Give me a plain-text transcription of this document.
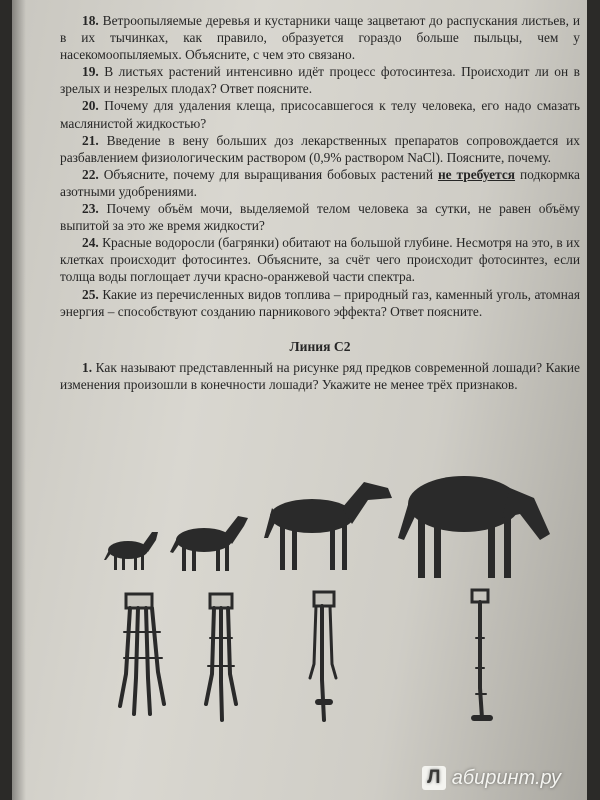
18. Ветроопыляемые деревья и кустарники чаще зацветают до распускания листьев, и в их тычинках, как правило, образуется гораздо больше пыльцы, чем у насекомоопыляемых. Объясните, с чем это связано.

19. В листьях растений интенсивно идёт процесс фотосинтеза. Происходит ли он в зрелых и незрелых плодах? Ответ поясните.

20. Почему для удаления клеща, присосавшегося к телу человека, его надо смазать маслянистой жидкостью?

21. Введение в вену больших доз лекарственных препаратов сопровождается их разбавлением физиологическим раствором (0,9% раствором NaCl). Поясните, почему.

22. Объясните, почему для выращивания бобовых растений не требуется подкормка азотными удобрениями.

23. Почему объём мочи, выделяемой телом человека за сутки, не равен объёму выпитой за это же время жидкости?

24. Красные водоросли (багрянки) обитают на большой глубине. Несмотря на это, в их клетках происходит фотосинтез. Объясните, за счёт чего происходит фотосинтез, если толща воды поглощает лучи красно-оранжевой части спектра.

25. Какие из перечисленных видов топлива – природный газ, каменный уголь, атомная энергия – способствуют созданию парникового эффекта? Ответ поясните.

Линия С2

1. Как называют представленный на рисунке ряд предков современной лошади? Какие изменения произошли в конечности лошади? Укажите не менее трёх признаков.

Л абиринт.ру
